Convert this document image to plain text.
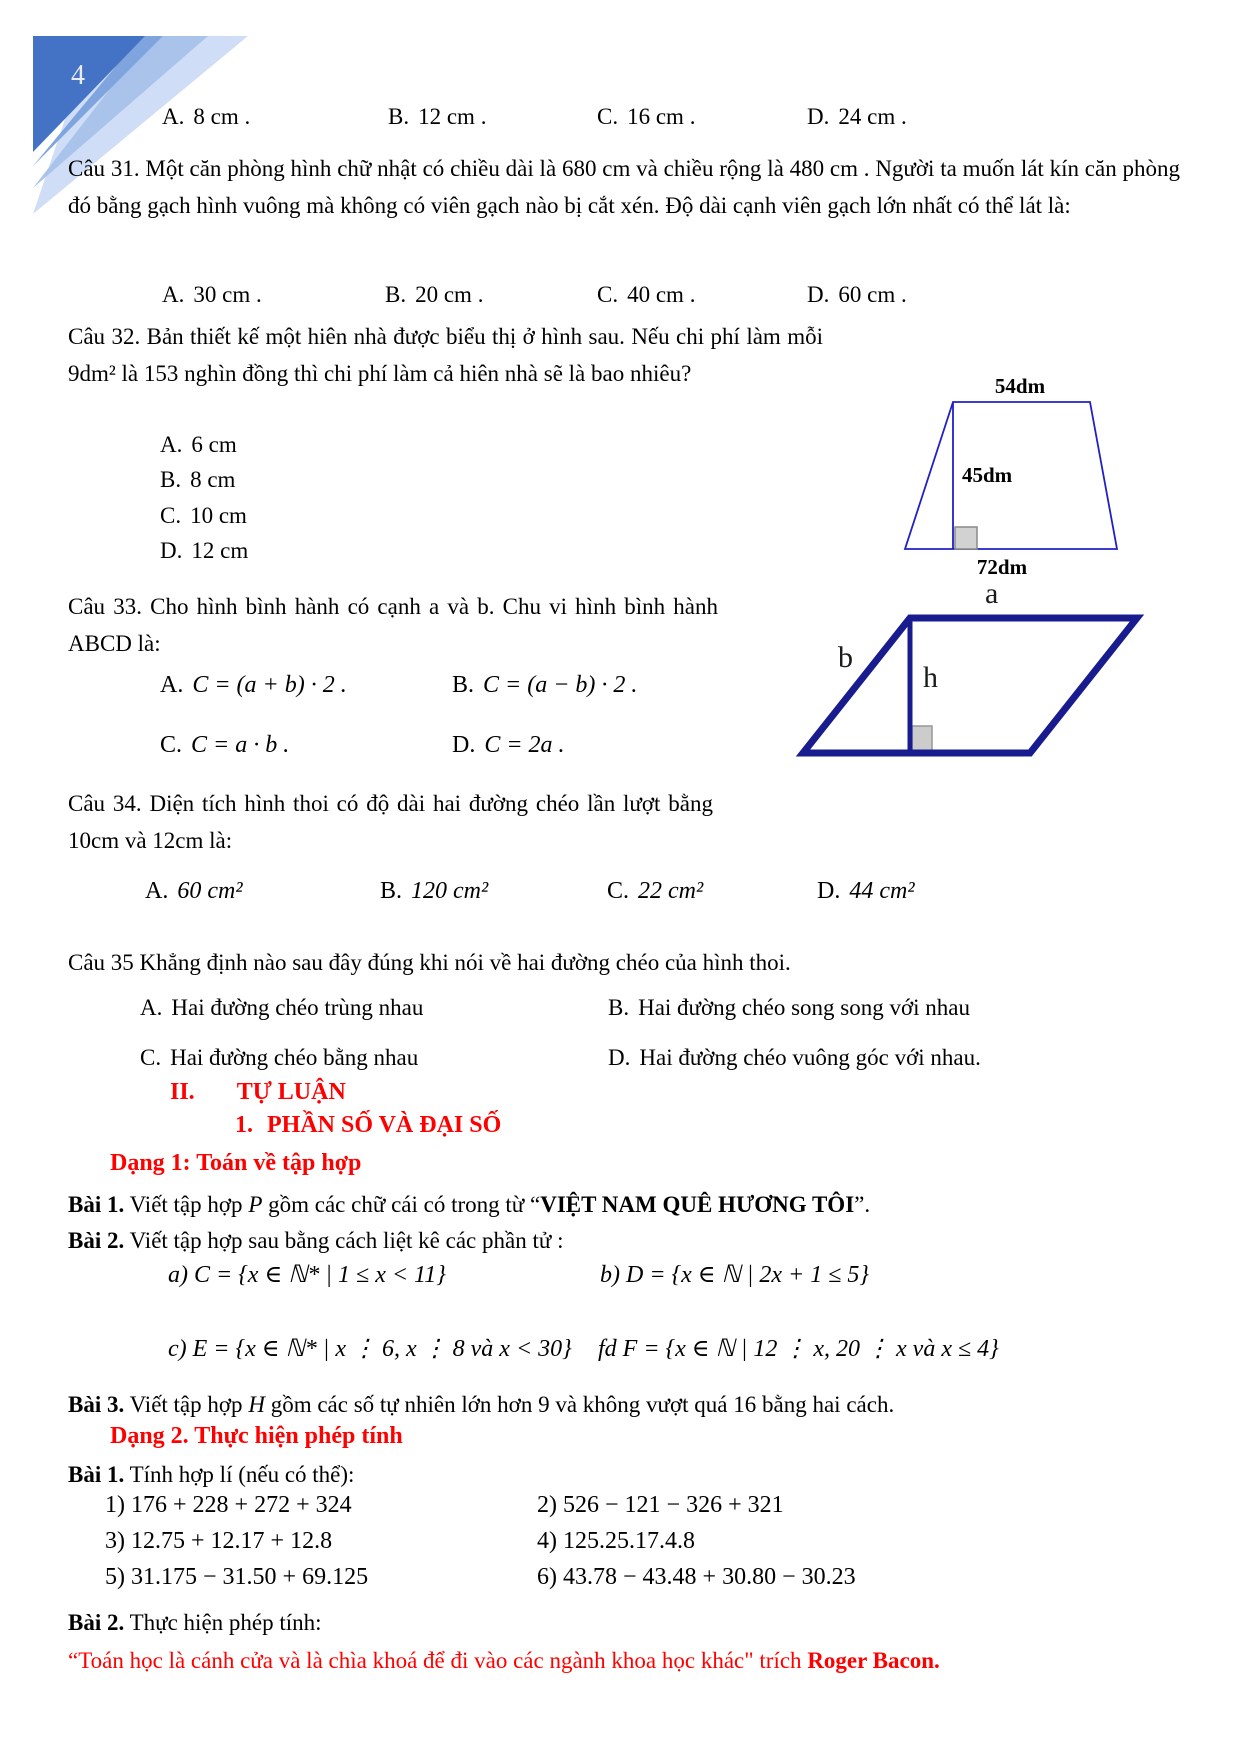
4
A. 8 cm .	B. 12 cm .	C. 16 cm .	D. 24 cm .
Câu 31. Một căn phòng hình chữ nhật có chiều dài là 680 cm và chiều rộng là 480 cm . Người ta muốn lát kín căn phòng đó bằng gạch hình vuông mà không có viên gạch nào bị cắt xén. Độ dài cạnh viên gạch lớn nhất có thể lát là:
A. 30 cm .	B. 20 cm .	C. 40 cm .	D. 60 cm .
Câu 32. Bản thiết kế một hiên nhà được biểu thị ở hình sau. Nếu chi phí làm mỗi 9dm² là 153 nghìn đồng thì chi phí làm cả hiên nhà sẽ là bao nhiêu?
A. 6 cm
B. 8 cm
C. 10 cm
D. 12 cm
54dm
45dm
72dm
Câu 33. Cho hình bình hành có cạnh a và b. Chu vi hình bình hành ABCD là:
A. C = (a + b) · 2 .	B. C = (a − b) · 2 .
C. C = a · b .	D. C = 2a .
a
b
h
Câu 34. Diện tích hình thoi có độ dài hai đường chéo lần lượt bằng 10cm và 12cm là:
A. 60 cm²	B. 120 cm²	C. 22 cm²	D. 44 cm²
Câu 35 Khẳng định nào sau đây đúng khi nói về hai đường chéo của hình thoi.
A. Hai đường chéo trùng nhau	B. Hai đường chéo song song với nhau
C. Hai đường chéo bằng nhau	D. Hai đường chéo vuông góc với nhau.
II. TỰ LUẬN
1. PHẦN SỐ VÀ ĐẠI SỐ
Dạng 1: Toán về tập hợp
Bài 1. Viết tập hợp P gồm các chữ cái có trong từ “VIỆT NAM QUÊ HƯƠNG TÔI”.
Bài 2. Viết tập hợp sau bằng cách liệt kê các phần tử :
a) C = {x ∈ ℕ* | 1 ≤ x < 11}	b) D = {x ∈ ℕ | 2x + 1 ≤ 5}
c) E = {x ∈ ℕ* | x ⋮ 6, x ⋮ 8 và x < 30} fd F = {x ∈ ℕ | 12 ⋮ x, 20 ⋮ x và x ≤ 4}
Bài 3. Viết tập hợp H gồm các số tự nhiên lớn hơn 9 và không vượt quá 16 bằng hai cách.
Dạng 2. Thực hiện phép tính
Bài 1. Tính hợp lí (nếu có thể):
1) 176 + 228 + 272 + 324	2) 526 − 121 − 326 + 321
3) 12.75 + 12.17 + 12.8	4) 125.25.17.4.8
5) 31.175 − 31.50 + 69.125	6) 43.78 − 43.48 + 30.80 − 30.23
Bài 2. Thực hiện phép tính:
“Toán học là cánh cửa và là chìa khoá để đi vào các ngành khoa học khác" trích Roger Bacon.
